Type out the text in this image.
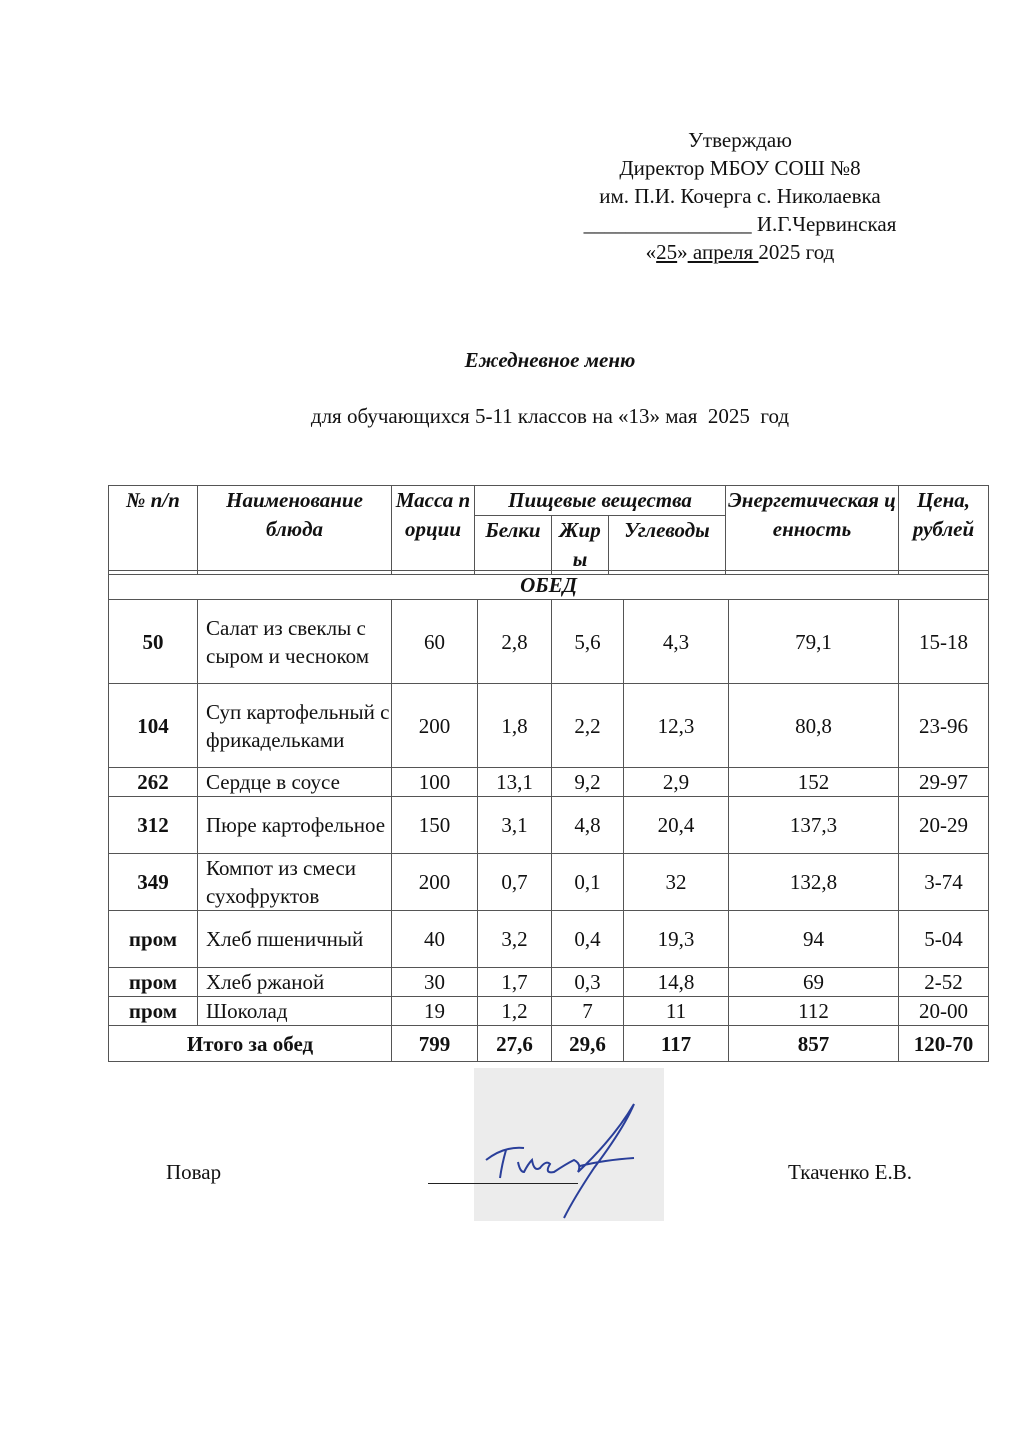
Утверждаю
Директор МБОУ СОШ №8
им. П.И. Кочерга с. Николаевка
________________ И.Г.Червинская
«25» апреля 2025 год
Ежедневное меню
для обучающихся 5-11 классов на «13» мая  2025  год
№ п/п	Наименование блюда	Масса порции	Пищевые вещества			Энергетическая ценность	Цена, рублей
			Белки	Жиры	Углеводы		
ОБЕД							
50	Салат из свеклы с сыром и чесноком	60	2,8	5,6	4,3	79,1	15-18
104	Суп картофельный с фрикадельками	200	1,8	2,2	12,3	80,8	23-96
262	Сердце в соусе	100	13,1	9,2	2,9	152	29-97
312	Пюре картофельное	150	3,1	4,8	20,4	137,3	20-29
349	Компот из смеси сухофруктов	200	0,7	0,1	32	132,8	3-74
пром	Хлеб пшеничный	40	3,2	0,4	19,3	94	5-04
пром	Хлеб ржаной	30	1,7	0,3	14,8	69	2-52
пром	Шоколад	19	1,2	7	11	112	20-00
Итого за обед		799	27,6	29,6	117	857	120-70
Повар	Ткаченко Е.В.
